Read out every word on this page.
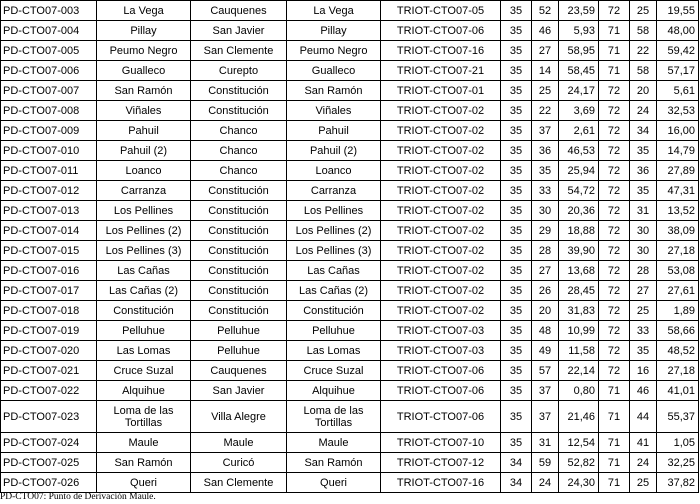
PD-CTO07-003	La Vega	Cauquenes	La Vega	TRIOT-CTO07-05	35	52	23,59	72	25	19,55
PD-CTO07-004	Pillay	San Javier	Pillay	TRIOT-CTO07-06	35	46	5,93	71	58	48,00
PD-CTO07-005	Peumo Negro	San Clemente	Peumo Negro	TRIOT-CTO07-16	35	27	58,95	71	22	59,42
PD-CTO07-006	Gualleco	Curepto	Gualleco	TRIOT-CTO07-21	35	14	58,45	71	58	57,17
PD-CTO07-007	San Ramón	Constitución	San Ramón	TRIOT-CTO07-01	35	25	24,17	72	20	5,61
PD-CTO07-008	Viñales	Constitución	Viñales	TRIOT-CTO07-02	35	22	3,69	72	24	32,53
PD-CTO07-009	Pahuil	Chanco	Pahuil	TRIOT-CTO07-02	35	37	2,61	72	34	16,00
PD-CTO07-010	Pahuil (2)	Chanco	Pahuil (2)	TRIOT-CTO07-02	35	36	46,53	72	35	14,79
PD-CTO07-011	Loanco	Chanco	Loanco	TRIOT-CTO07-02	35	35	25,94	72	36	27,89
PD-CTO07-012	Carranza	Constitución	Carranza	TRIOT-CTO07-02	35	33	54,72	72	35	47,31
PD-CTO07-013	Los Pellines	Constitución	Los Pellines	TRIOT-CTO07-02	35	30	20,36	72	31	13,52
PD-CTO07-014	Los Pellines (2)	Constitución	Los Pellines (2)	TRIOT-CTO07-02	35	29	18,88	72	30	38,09
PD-CTO07-015	Los Pellines (3)	Constitución	Los Pellines (3)	TRIOT-CTO07-02	35	28	39,90	72	30	27,18
PD-CTO07-016	Las Cañas	Constitución	Las Cañas	TRIOT-CTO07-02	35	27	13,68	72	28	53,08
PD-CTO07-017	Las Cañas (2)	Constitución	Las Cañas (2)	TRIOT-CTO07-02	35	26	28,45	72	27	27,61
PD-CTO07-018	Constitución	Constitución	Constitución	TRIOT-CTO07-02	35	20	31,83	72	25	1,89
PD-CTO07-019	Pelluhue	Pelluhue	Pelluhue	TRIOT-CTO07-03	35	48	10,99	72	33	58,66
PD-CTO07-020	Las Lomas	Pelluhue	Las Lomas	TRIOT-CTO07-03	35	49	11,58	72	35	48,52
PD-CTO07-021	Cruce Suzal	Cauquenes	Cruce Suzal	TRIOT-CTO07-06	35	57	22,14	72	16	27,18
PD-CTO07-022	Alquihue	San Javier	Alquihue	TRIOT-CTO07-06	35	37	0,80	71	46	41,01
PD-CTO07-023	Loma de las Tortillas	Villa Alegre	Loma de las Tortillas	TRIOT-CTO07-06	35	37	21,46	71	44	55,37
PD-CTO07-024	Maule	Maule	Maule	TRIOT-CTO07-10	35	31	12,54	71	41	1,05
PD-CTO07-025	San Ramón	Curicó	San Ramón	TRIOT-CTO07-12	34	59	52,82	71	24	32,25
PD-CTO07-026	Queri	San Clemente	Queri	TRIOT-CTO07-16	34	24	24,30	71	25	37,82
PD-CTO07: Punto de Derivación Maule.
